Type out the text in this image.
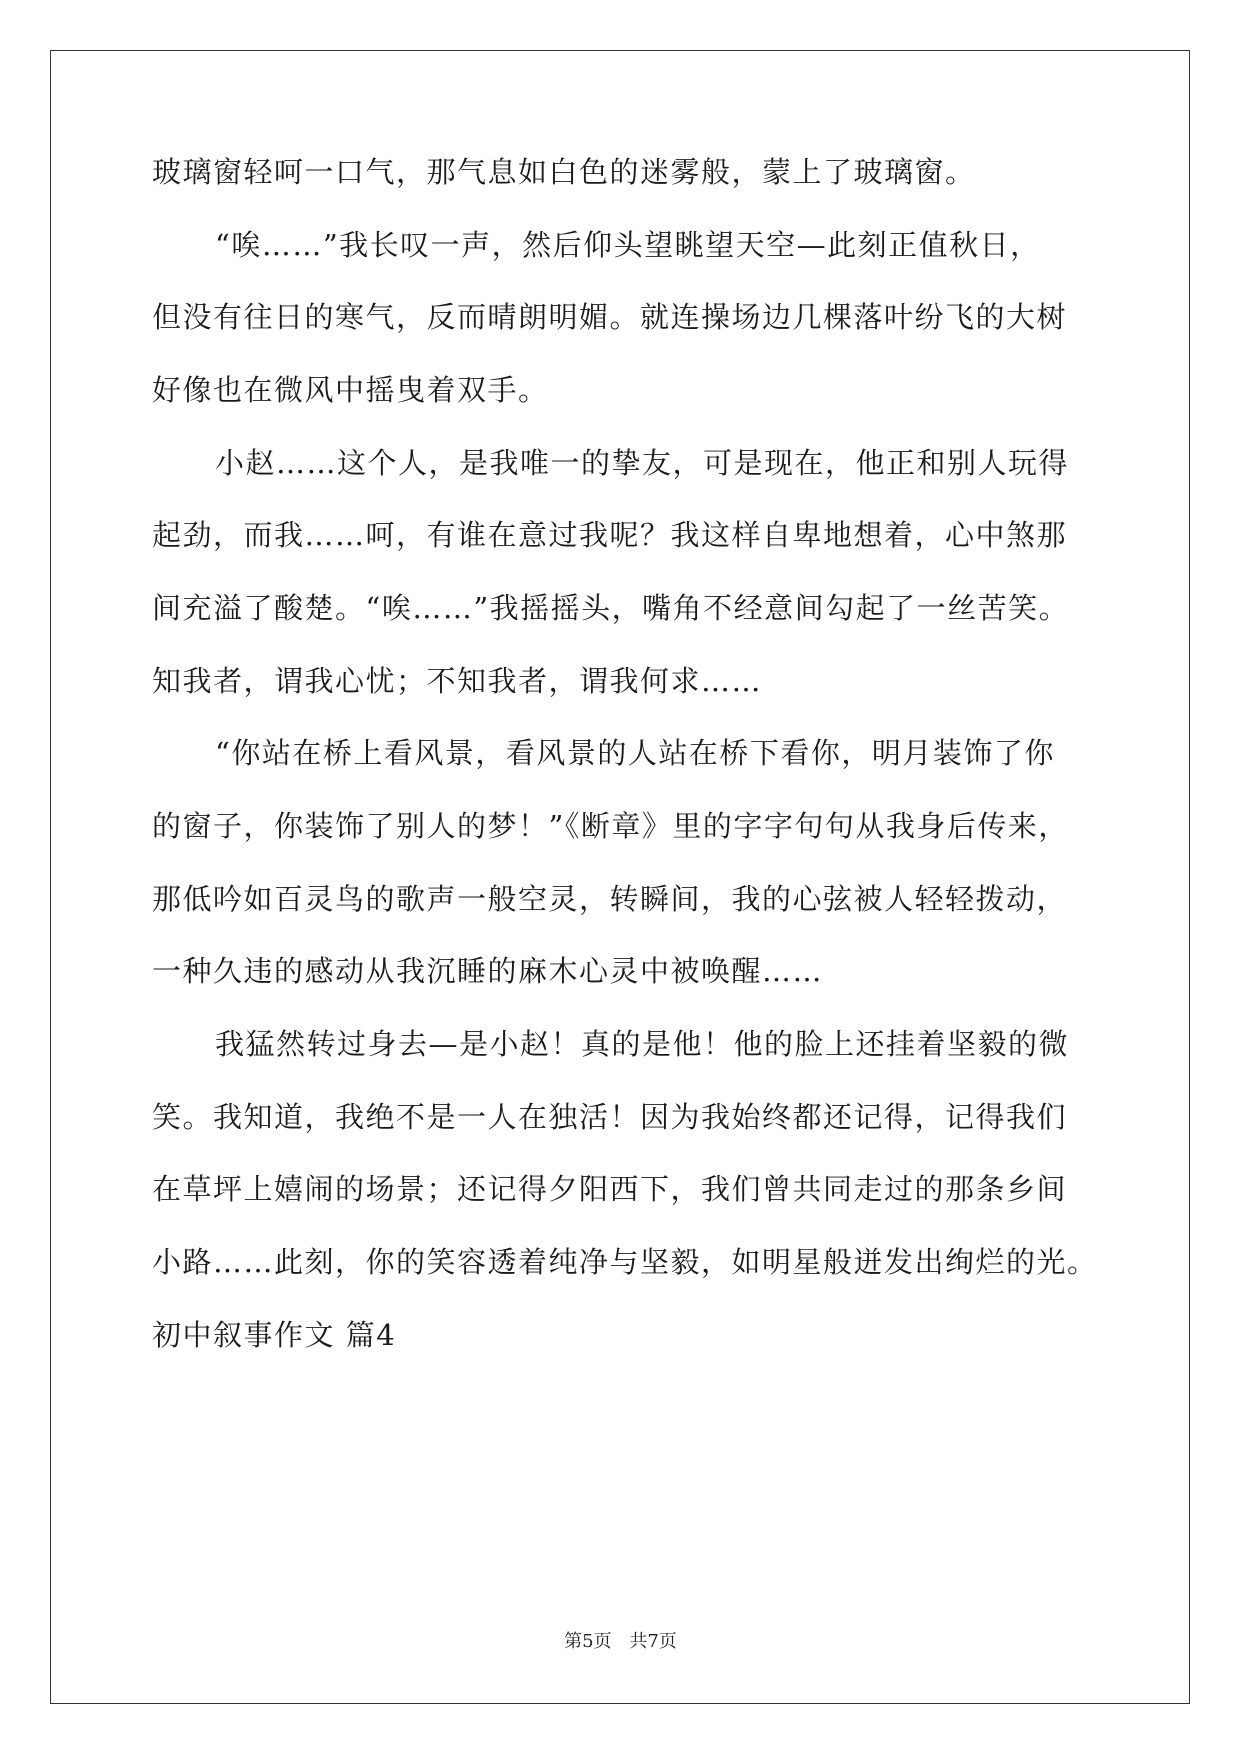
玻璃窗轻呵一口气，那气息如白色的迷雾般，蒙上了玻璃窗。
“唉……”我长叹一声，然后仰头望眺望天空—此刻正值秋日，
但没有往日的寒气，反而晴朗明媚。就连操场边几棵落叶纷飞的大树
好像也在微风中摇曳着双手。
小赵……这个人，是我唯一的挚友，可是现在，他正和别人玩得
起劲，而我……呵，有谁在意过我呢？我这样自卑地想着，心中煞那
间充溢了酸楚。“唉……”我摇摇头，嘴角不经意间勾起了一丝苦笑。
知我者，谓我心忧；不知我者，谓我何求……
“你站在桥上看风景，看风景的人站在桥下看你，明月装饰了你
的窗子，你装饰了别人的梦！”《断章》里的字字句句从我身后传来，
那低吟如百灵鸟的歌声一般空灵，转瞬间，我的心弦被人轻轻拨动，
一种久违的感动从我沉睡的麻木心灵中被唤醒……
我猛然转过身去—是小赵！真的是他！他的脸上还挂着坚毅的微
笑。我知道，我绝不是一人在独活！因为我始终都还记得，记得我们
在草坪上嬉闹的场景；还记得夕阳西下，我们曾共同走过的那条乡间
小路……此刻，你的笑容透着纯净与坚毅，如明星般迸发出绚烂的光。
初中叙事作文 篇4
第5页 共7页
